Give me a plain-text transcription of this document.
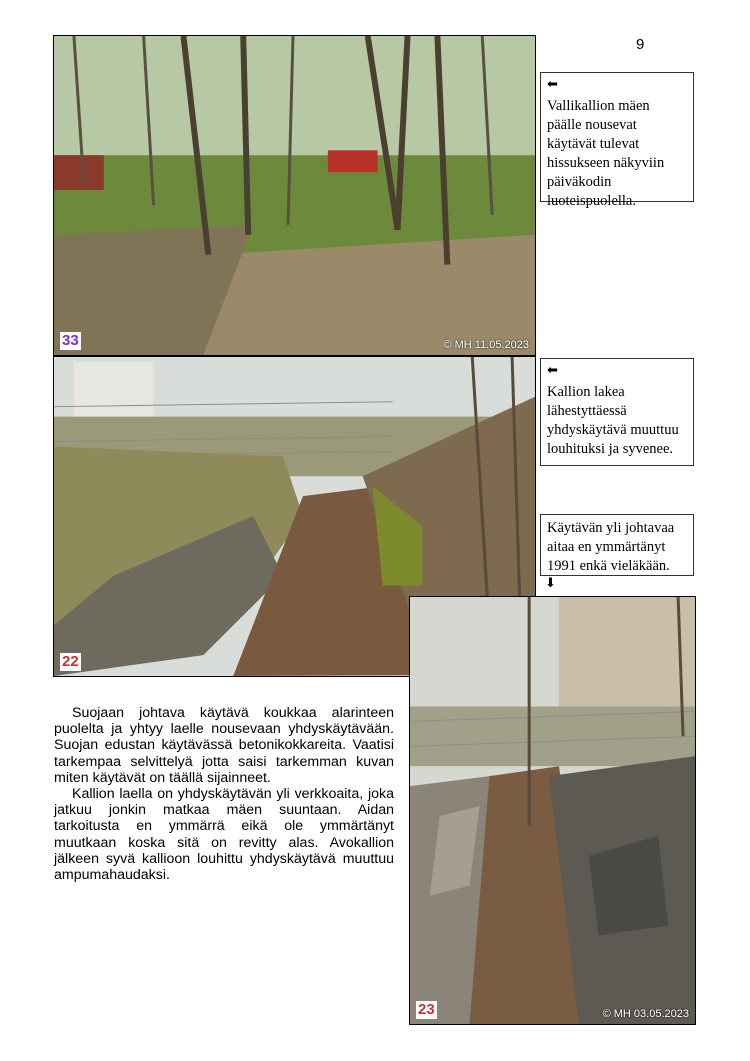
9
33	© MH 11.05.2023
22
23	© MH 03.05.2023
⬅
Vallikallion mäen päälle nousevat käytävät tulevat hissukseen näkyviin päiväkodin luoteispuolella.
⬅
Kallion lakea lähestyttäessä yhdyskäytävä muuttuu louhituksi ja syvenee.
Käytävän yli johtavaa aitaa en ymmärtänyt 1991 enkä vieläkään.
⬇

Suojaan johtava käytävä koukkaa alarinteen puolelta ja yhtyy laelle nousevaan yhdyskäytävään. Suojan edustan käytävässä betonikokkareita. Vaatisi tarkempaa selvittelyä jotta saisi tarkemman kuvan miten käytävät on täällä sijainneet.

Kallion laella on yhdyskäytävän yli verkkoaita, joka jatkuu jonkin matkaa mäen suuntaan. Aidan tarkoitusta en ymmärrä eikä ole ymmärtänyt muutkaan koska sitä on revitty alas. Avokallion jälkeen syvä kallioon louhittu yhdyskäytävä muuttuu ampumahaudaksi.
